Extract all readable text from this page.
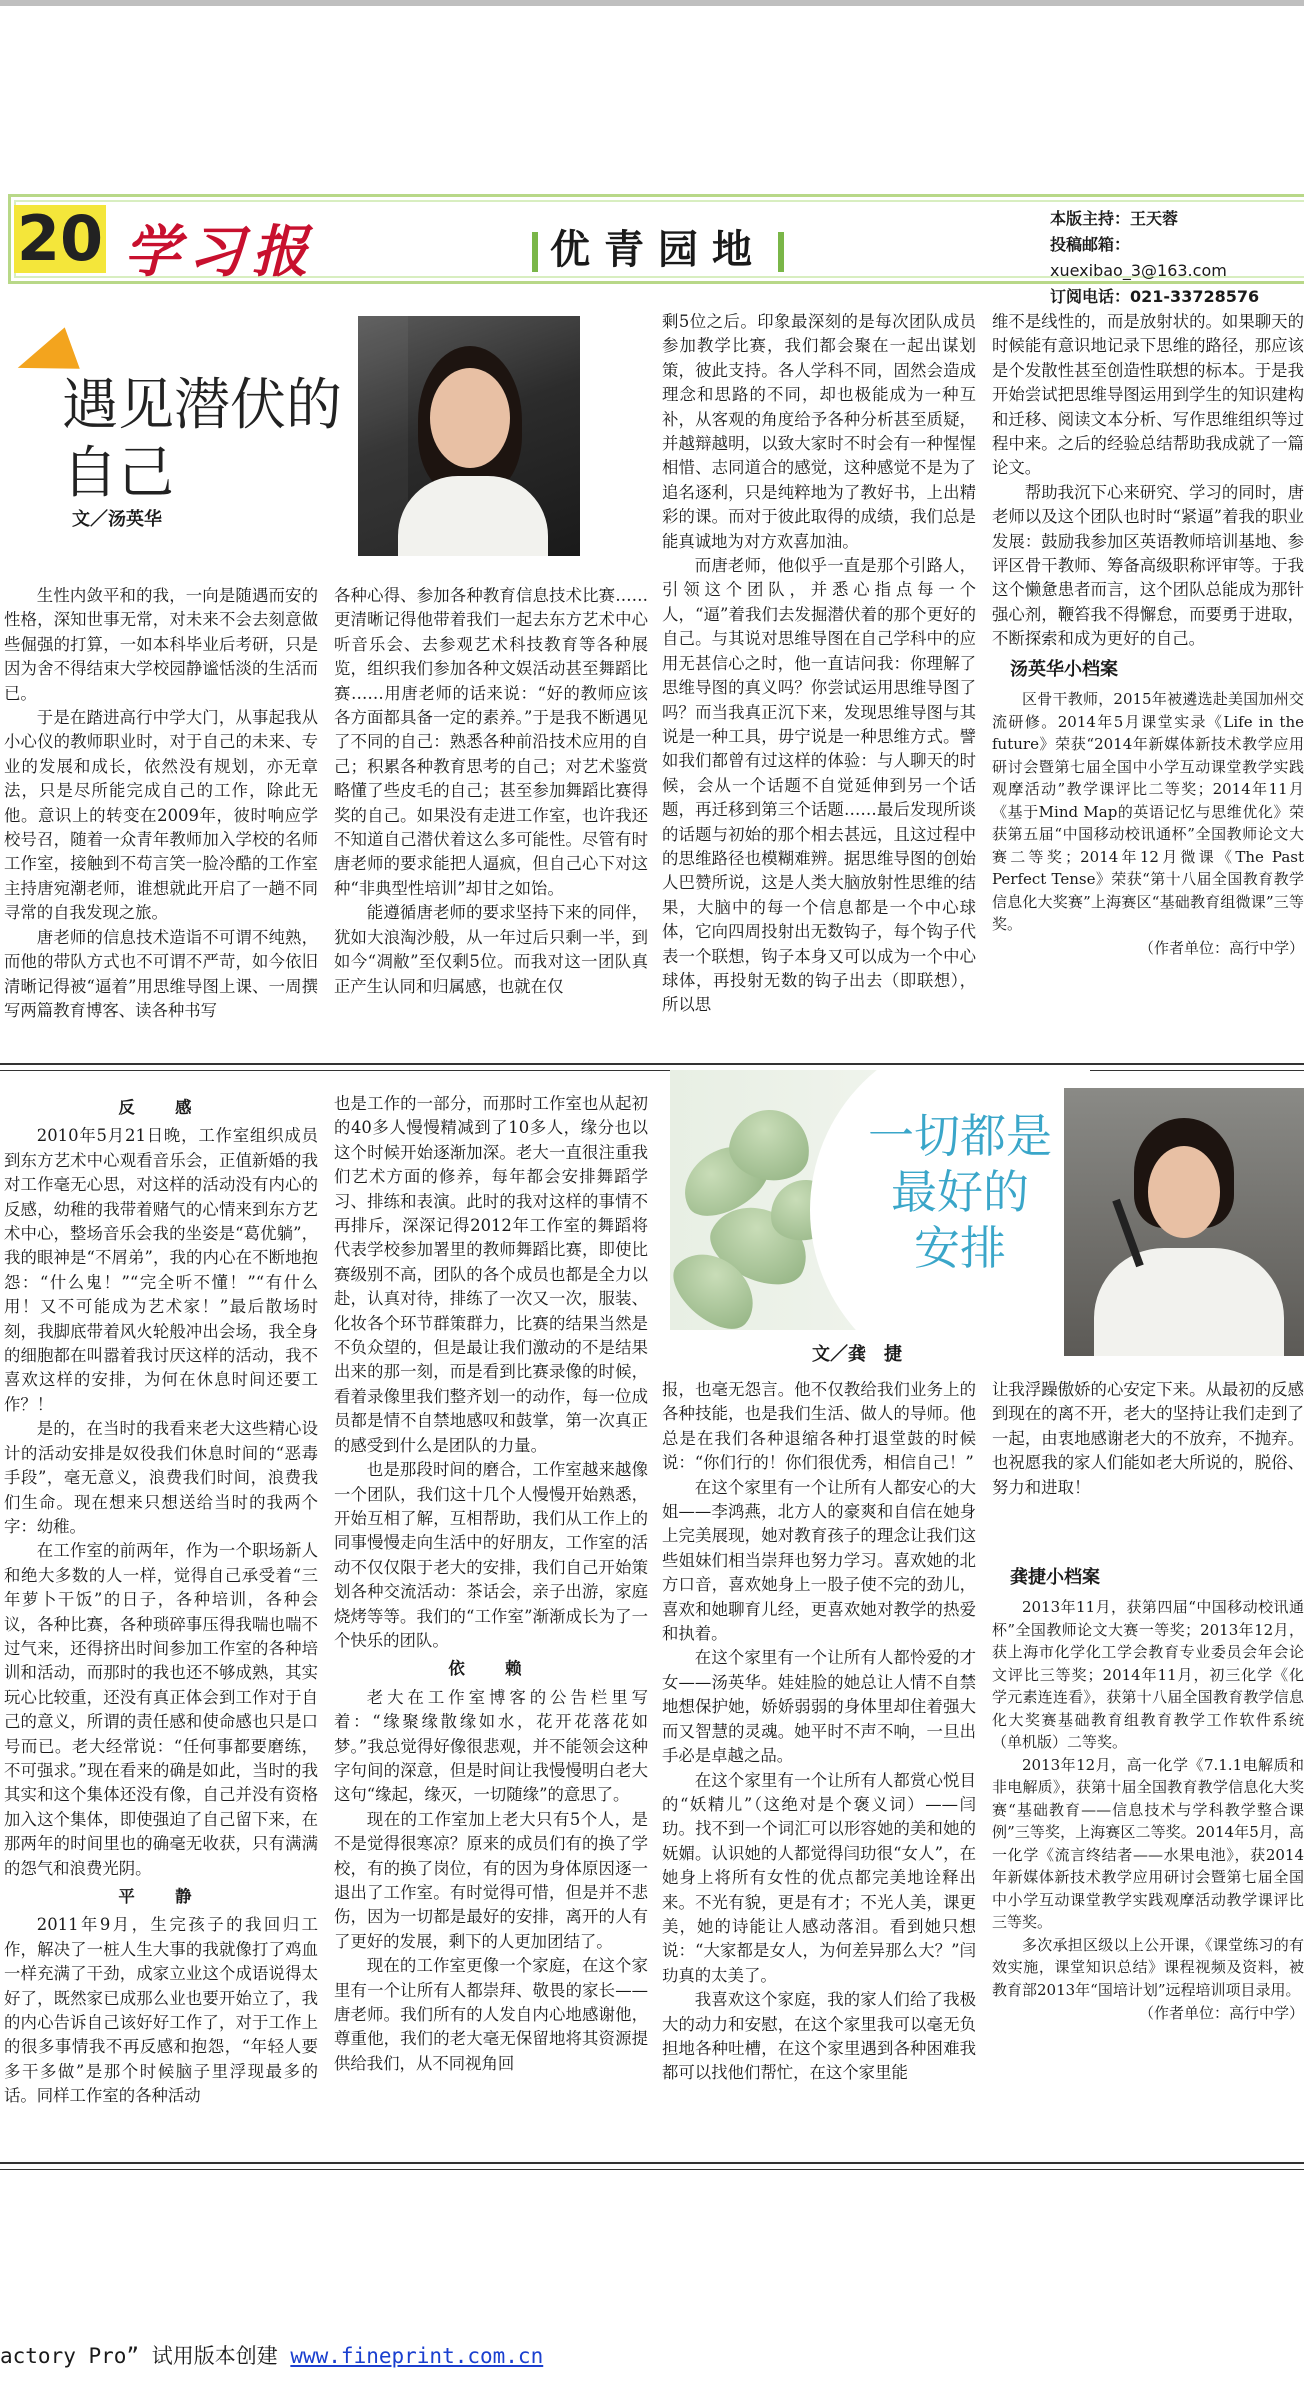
20 学习报	优青园地
本版主持：王天蓉
投稿邮箱：xuexibao_3@163.com
订阅电话：021-33728576
遇见潜伏的
自己
文／汤英华

生性内敛平和的我，一向是随遇而安的性格，深知世事无常，对未来不会去刻意做些倔强的打算，一如本科毕业后考研，只是因为舍不得结束大学校园静谧恬淡的生活而已。

于是在踏进高行中学大门，从事起我从小心仪的教师职业时，对于自己的未来、专业的发展和成长，依然没有规划，亦无章法，只是尽所能完成自己的工作，除此无他。意识上的转变在2009年，彼时响应学校号召，随着一众青年教师加入学校的名师工作室，接触到不苟言笑一脸冷酷的工作室主持唐宛潮老师，谁想就此开启了一趟不同寻常的自我发现之旅。

唐老师的信息技术造诣不可谓不纯熟，而他的带队方式也不可谓不严苛，如今依旧清晰记得被“逼着”用思维导图上课、一周撰写两篇教育博客、读各种书写

各种心得、参加各种教育信息技术比赛……更清晰记得他带着我们一起去东方艺术中心听音乐会、去参观艺术科技教育等各种展览，组织我们参加各种文娱活动甚至舞蹈比赛……用唐老师的话来说：“好的教师应该各方面都具备一定的素养。”于是我不断遇见了不同的自己：熟悉各种前沿技术应用的自己；积累各种教育思考的自己；对艺术鉴赏略懂了些皮毛的自己；甚至参加舞蹈比赛得奖的自己。如果没有走进工作室，也许我还不知道自己潜伏着这么多可能性。尽管有时唐老师的要求能把人逼疯，但自己心下对这种“非典型性培训”却甘之如饴。

能遵循唐老师的要求坚持下来的同伴，犹如大浪淘沙般，从一年过后只剩一半，到如今“凋敝”至仅剩5位。而我对这一团队真正产生认同和归属感，也就在仅

剩5位之后。印象最深刻的是每次团队成员参加教学比赛，我们都会聚在一起出谋划策，彼此支持。各人学科不同，固然会造成理念和思路的不同，却也极能成为一种互补，从客观的角度给予各种分析甚至质疑，并越辩越明，以致大家时不时会有一种惺惺相惜、志同道合的感觉，这种感觉不是为了追名逐利，只是纯粹地为了教好书，上出精彩的课。而对于彼此取得的成绩，我们总是能真诚地为对方欢喜加油。

而唐老师，他似乎一直是那个引路人，引领这个团队，并悉心指点每一个人，“逼”着我们去发掘潜伏着的那个更好的自己。与其说对思维导图在自己学科中的应用无甚信心之时，他一直诘问我：你理解了思维导图的真义吗？你尝试运用思维导图了吗？而当我真正沉下来，发现思维导图与其说是一种工具，毋宁说是一种思维方式。譬如我们都曾有过这样的体验：与人聊天的时候，会从一个话题不自觉延伸到另一个话题，再迁移到第三个话题……最后发现所谈的话题与初始的那个相去甚远，且这过程中的思维路径也模糊难辨。据思维导图的创始人巴赞所说，这是人类大脑放射性思维的结果，大脑中的每一个信息都是一个中心球体，它向四周投射出无数钩子，每个钩子代表一个联想，钩子本身又可以成为一个中心球体，再投射无数的钩子出去（即联想），所以思

维不是线性的，而是放射状的。如果聊天的时候能有意识地记录下思维的路径，那应该是个发散性甚至创造性联想的标本。于是我开始尝试把思维导图运用到学生的知识建构和迁移、阅读文本分析、写作思维组织等过程中来。之后的经验总结帮助我成就了一篇论文。

帮助我沉下心来研究、学习的同时，唐老师以及这个团队也时时“紧逼”着我的职业发展：鼓励我参加区英语教师培训基地、参评区骨干教师、筹备高级职称评审等。于我这个懒惫患者而言，这个团队总能成为那针强心剂，鞭笞我不得懈怠，而要勇于进取，不断探索和成为更好的自己。

汤英华小档案

区骨干教师，2015年被遴选赴美国加州交流研修。2014年5月课堂实录《Life in the future》荣获“2014年新媒体新技术教学应用研讨会暨第七届全国中小学互动课堂教学实践观摩活动”教学课评比二等奖；2014年11月《基于Mind Map的英语记忆与思维优化》荣获第五届“中国移动校讯通杯”全国教师论文大赛二等奖；2014年12月微课《The Past Perfect Tense》荣获“第十八届全国教育教学信息化大奖赛”上海赛区“基础教育组微课”三等奖。

（作者单位：高行中学）

反　感

2010年5月21日晚，工作室组织成员到东方艺术中心观看音乐会，正值新婚的我对工作毫无心思，对这样的活动没有内心的反感，幼稚的我带着赌气的心情来到东方艺术中心，整场音乐会我的坐姿是“葛优躺”，我的眼神是“不屑弟”，我的内心在不断地抱怨：“什么鬼！”“完全听不懂！”“有什么用！又不可能成为艺术家！”最后散场时刻，我脚底带着风火轮般冲出会场，我全身的细胞都在叫嚣着我讨厌这样的活动，我不喜欢这样的安排，为何在休息时间还要工作？！

是的，在当时的我看来老大这些精心设计的活动安排是奴役我们休息时间的“恶毒手段”，毫无意义，浪费我们时间，浪费我们生命。现在想来只想送给当时的我两个字：幼稚。

在工作室的前两年，作为一个职场新人和绝大多数的人一样，觉得自己承受着“三年萝卜干饭”的日子，各种培训，各种会议，各种比赛，各种琐碎事压得我喘也喘不过气来，还得挤出时间参加工作室的各种培训和活动，而那时的我也还不够成熟，其实玩心比较重，还没有真正体会到工作对于自己的意义，所谓的责任感和使命感也只是口号而已。老大经常说：“任何事都要磨练，不可强求。”现在看来的确是如此，当时的我其实和这个集体还没有像，自己并没有资格加入这个集体，即使强迫了自己留下来，在那两年的时间里也的确毫无收获，只有满满的怨气和浪费光阴。

平　静

2011年9月，生完孩子的我回归工作，解决了一桩人生大事的我就像打了鸡血一样充满了干劲，成家立业这个成语说得太好了，既然家已成那么业也要开始立了，我的内心告诉自己该好好工作了，对于工作上的很多事情我不再反感和抱怨，“年轻人要多干多做”是那个时候脑子里浮现最多的话。同样工作室的各种活动

也是工作的一部分，而那时工作室也从起初的40多人慢慢精减到了10多人，缘分也以这个时候开始逐渐加深。老大一直很注重我们艺术方面的修养，每年都会安排舞蹈学习、排练和表演。此时的我对这样的事情不再排斥，深深记得2012年工作室的舞蹈将代表学校参加署里的教师舞蹈比赛，即使比赛级别不高，团队的各个成员也都是全力以赴，认真对待，排练了一次又一次，服装、化妆各个环节群策群力，比赛的结果当然是不负众望的，但是最让我们激动的不是结果出来的那一刻，而是看到比赛录像的时候，看着录像里我们整齐划一的动作，每一位成员都是情不自禁地感叹和鼓掌，第一次真正的感受到什么是团队的力量。

也是那段时间的磨合，工作室越来越像一个团队，我们这十几个人慢慢开始熟悉，开始互相了解，互相帮助，我们从工作上的同事慢慢走向生活中的好朋友，工作室的活动不仅仅限于老大的安排，我们自己开始策划各种交流活动：茶话会，亲子出游，家庭烧烤等等。我们的“工作室”渐渐成长为了一个快乐的团队。

依　赖

老大在工作室博客的公告栏里写着：“缘聚缘散缘如水，花开花落花如梦。”我总觉得好像很悲观，并不能领会这种字句间的深意，但是时间让我慢慢明白老大这句“缘起，缘灭，一切随缘”的意思了。

现在的工作室加上老大只有5个人，是不是觉得很寒凉？原来的成员们有的换了学校，有的换了岗位，有的因为身体原因逐一退出了工作室。有时觉得可惜，但是并不悲伤，因为一切都是最好的安排，离开的人有了更好的发展，剩下的人更加团结了。

现在的工作室更像一个家庭，在这个家里有一个让所有人都崇拜、敬畏的家长——唐老师。我们所有的人发自内心地感谢他，尊重他，我们的老大毫无保留地将其资源提供给我们，从不同视角回

一切都是
最好的
安排
文／龚　捷

报，也毫无怨言。他不仅教给我们业务上的各种技能，也是我们生活、做人的导师。他总是在我们各种退缩各种打退堂鼓的时候说：“你们行的！你们很优秀，相信自己！”

在这个家里有一个让所有人都安心的大姐——李鸿燕，北方人的豪爽和自信在她身上完美展现，她对教育孩子的理念让我们这些姐妹们相当崇拜也努力学习。喜欢她的北方口音，喜欢她身上一股子使不完的劲儿，喜欢和她聊育儿经，更喜欢她对教学的热爱和执着。

在这个家里有一个让所有人都怜爱的才女——汤英华。娃娃脸的她总让人情不自禁地想保护她，娇娇弱弱的身体里却住着强大而又智慧的灵魂。她平时不声不响，一旦出手必是卓越之品。

在这个家里有一个让所有人都赏心悦目的“妖精儿”（这绝对是个褒义词）——闫玏。找不到一个词汇可以形容她的美和她的妩媚。认识她的人都觉得闫玏很“女人”，在她身上将所有女性的优点都完美地诠释出来。不光有貌，更是有才；不光人美，课更美，她的诗能让人感动落泪。看到她只想说：“大家都是女人，为何差异那么大？”闫玏真的太美了。

我喜欢这个家庭，我的家人们给了我极大的动力和安慰，在这个家里我可以毫无负担地各种吐槽，在这个家里遇到各种困难我都可以找他们帮忙，在这个家里能

让我浮躁傲娇的心安定下来。从最初的反感到现在的离不开，老大的坚持让我们走到了一起，由衷地感谢老大的不放弃，不抛弃。也祝愿我的家人们能如老大所说的，脱俗、努力和进取！

龚捷小档案

2013年11月，获第四届“中国移动校讯通杯”全国教师论文大赛一等奖；2013年12月，获上海市化学化工学会教育专业委员会年会论文评比三等奖；2014年11月，初三化学《化学元素连连看》，获第十八届全国教育教学信息化大奖赛基础教育组教育教学工作软件系统（单机版）二等奖。

2013年12月，高一化学《7.1.1电解质和非电解质》，获第十届全国教育教学信息化大奖赛“基础教育——信息技术与学科教学整合课例”三等奖，上海赛区二等奖。2014年5月，高一化学《流言终结者——水果电池》，获2014年新媒体新技术教学应用研讨会暨第七届全国中小学互动课堂教学实践观摩活动教学课评比三等奖。

多次承担区级以上公开课，《课堂练习的有效实施，课堂知识总结》课程视频及资料，被教育部2013年“国培计划”远程培训项目录用。

（作者单位：高行中学）

actory Pro” 试用版本创建 www.fineprint.com.cn
